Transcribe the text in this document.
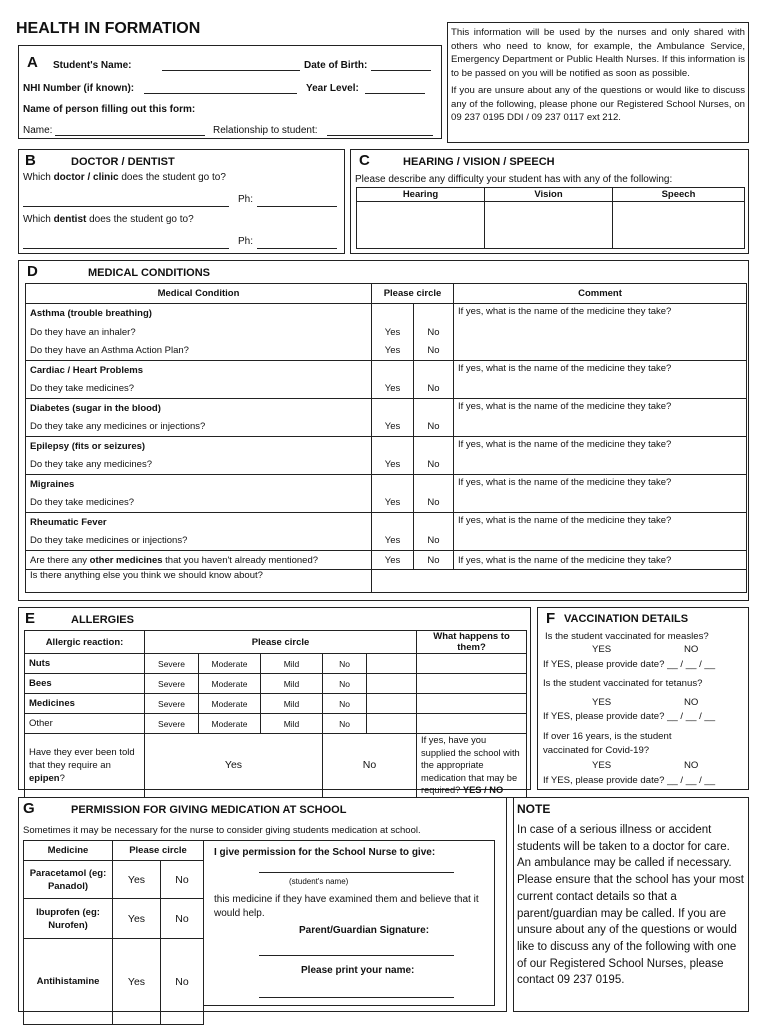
HEALTH IN FORMATION	This information will be used by the nurses and only shared with others who need to know, for example, the Ambulance Service, Emergency Department or Public Health Nurses. If this information is to be passed on you will be notified as soon as possible.
If you are unsure about any of the questions or would like to discuss any of the following, please phone our Registered School Nurses, on 09 237 0195 DDI / 09 237 0117 ext 212.
A Student's Name:	Date of Birth:
NHI Number (if known):	Year Level:
Name of person filling out this form:
Name:	Relationship to student:
B	DOCTOR / DENTIST
Which doctor / clinic does the student go to?
Ph:
Which dentist does the student go to?
Ph:
C	HEARING / VISION / SPEECH
Please describe any difficulty your student has with any of the following:
Hearing	Vision	Speech

D	MEDICAL CONDITIONS
Medical Condition	Please circle		Comment
Asthma (trouble breathing)			If yes, what is the name of the medicine they take?
Do they have an inhaler?	Yes	No	
Do they have an Asthma Action Plan?	Yes	No	
Cardiac / Heart Problems			If yes, what is the name of the medicine they take?
Do they take medicines?	Yes	No	
Diabetes (sugar in the blood)			If yes, what is the name of the medicine they take?
Do they take any medicines or injections?	Yes	No	
Epilepsy (fits or seizures)			If yes, what is the name of the medicine they take?
Do they take any medicines?	Yes	No	
Migraines			If yes, what is the name of the medicine they take?
Do they take medicines?	Yes	No	
Rheumatic Fever			If yes, what is the name of the medicine they take?
Do they take medicines or injections?	Yes	No	
Are there any other medicines that you haven't already mentioned?	Yes	No	If yes, what is the name of the medicine they take?
Is there anything else you think we should know about?			
E	ALLERGIES
Allergic reaction:	Please circle					What happens to them?
Nuts	Severe	Moderate	Mild	No		
Bees	Severe	Moderate	Mild	No		
Medicines	Severe	Moderate	Mild	No		
Other	Severe	Moderate	Mild	No		
Have they ever been told that they require an epipen?	Yes			No		If yes, have you supplied the school with the appropriate medication that may be required? YES / NO
F VACCINATION DETAILS
Is the student vaccinated for measles?
YES	NO
If YES, please provide date? __ / __ / __
Is the student vaccinated for tetanus?
YES	NO
If YES, please provide date? __ / __ / __
If over 16 years, is the student vaccinated for Covid-19?
YES	NO
If YES, please provide date? __ / __ / __
G	PERMISSION FOR GIVING MEDICATION AT SCHOOL
Sometimes it may be necessary for the nurse to consider giving students medication at school.
Medicine	Please circle	
Paracetamol (eg: Panadol)	Yes	No
Ibuprofen (eg: Nurofen)	Yes	No
Antihistamine	Yes	No
I give permission for the School Nurse to give:
(student's name)
this medicine if they have examined them and believe that it would help.
Parent/Guardian Signature:
Please print your name:
NOTE
In case of a serious illness or accident students will be taken to a doctor for care. An ambulance may be called if necessary. Please ensure that the school has your most current contact details so that a parent/guardian may be called. If you are unsure about any of the questions or would like to discuss any of the following with one of our Registered School Nurses, please contact 09 237 0195.
